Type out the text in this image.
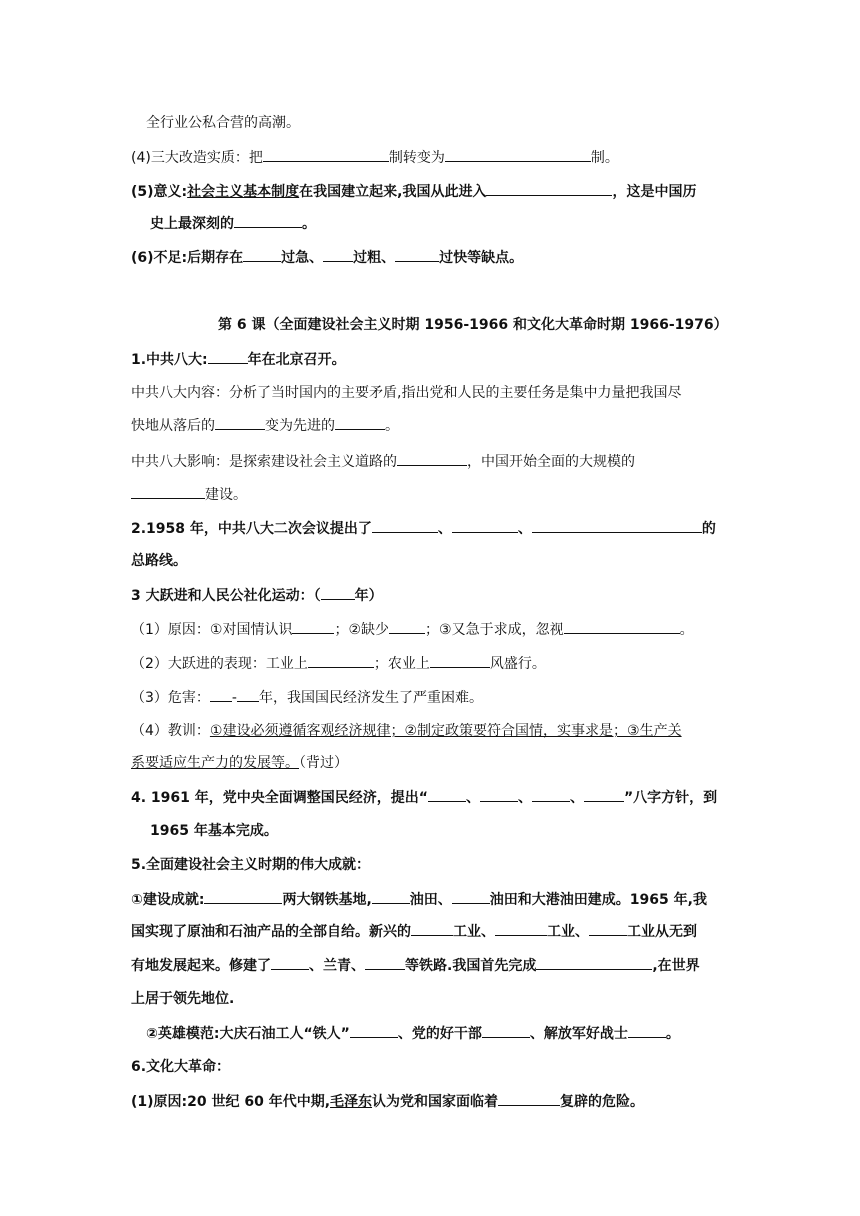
全行业公私合营的高潮。
(4)三大改造实质：把	制转变为	制。
(5)意义:社会主义基本制度在我国建立起来,我国从此进入	，这是中国历
史上最深刻的	。
(6)不足:后期存在	过急、 过粗、	过快等缺点。
第 6 课（全面建设社会主义时期 1956-1966 和文化大革命时期 1966-1976）
1.中共八大:	年在北京召开。
中共八大内容：分析了当时国内的主要矛盾,指出党和人民的主要任务是集中力量把我国尽
快地从落后的	变为先进的	。
中共八大影响：是探索建设社会主义道路的	，中国开始全面的大规模的
建设。
2.1958 年，中共八大二次会议提出了	、	、	的
总路线。
3 大跃进和人民公社化运动：（ 年）
（1）原因：①对国情认识	；②缺少	；③又急于求成，忽视	。
（2）大跃进的表现：工业上	；农业上	风盛行。
（3）危害： - 年，我国国民经济发生了严重困难。
（4）教训：①建设必须遵循客观经济规律；②制定政策要符合国情，实事求是；③生产关
系要适应生产力的发展等。（背过）
4. 1961 年，党中央全面调整国民经济，提出“	、	、	、	”八字方针，到
1965 年基本完成。
5.全面建设社会主义时期的伟大成就：
①建设成就:	两大钢铁基地,	油田、	油田和大港油田建成。1965 年,我
国实现了原油和石油产品的全部自给。新兴的	工业、	工业、	工业从无到
有地发展起来。修建了	、兰青、	等铁路.我国首先完成	,在世界
上居于领先地位.
②英雄模范:大庆石油工人“铁人”	、党的好干部	、解放军好战士	。
6.文化大革命：
(1)原因:20 世纪 60 年代中期,毛泽东认为党和国家面临着	复辟的危险。
